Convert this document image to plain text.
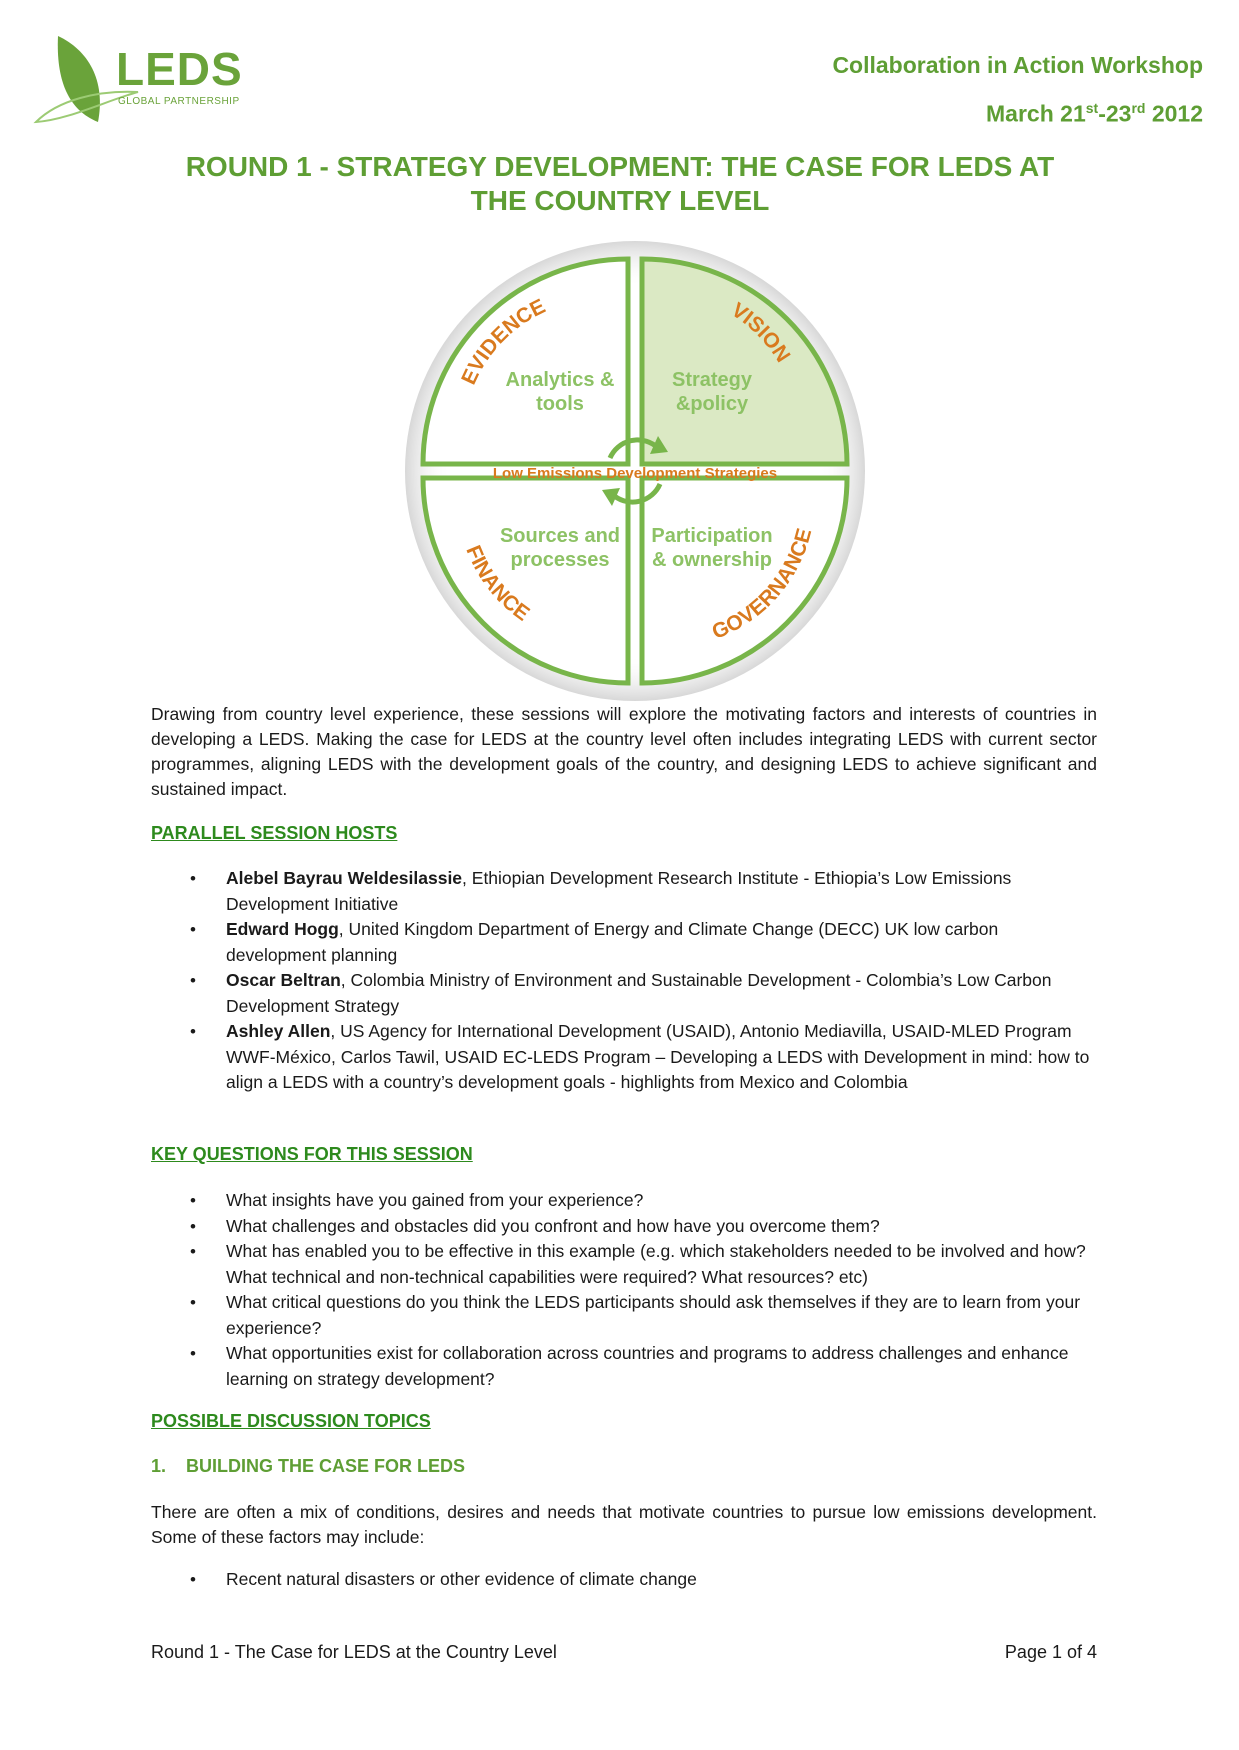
LEDS
GLOBAL PARTNERSHIP
Collaboration in Action Workshop
March 21st-23rd 2012
ROUND 1 - STRATEGY DEVELOPMENT: THE CASE FOR LEDS AT
THE COUNTRY LEVEL
EVIDENCE	VISION
FINANCE
GOVERNANCE
Analytics &
tools
Strategy
&policy
Sources and
processes
Participation
& ownership
Low Emissions Development Strategies
Drawing from country level experience, these sessions will explore the motivating factors and interests of countries in developing a LEDS. Making the case for LEDS at the country level often includes integrating LEDS with current sector programmes, aligning LEDS with the development goals of the country, and designing LEDS to achieve significant and sustained impact.
PARALLEL SESSION HOSTS
• Alebel Bayrau Weldesilassie, Ethiopian Development Research Institute - Ethiopia’s Low Emissions Development Initiative
• Edward Hogg, United Kingdom Department of Energy and Climate Change (DECC) UK low carbon development planning
• Oscar Beltran, Colombia Ministry of Environment and Sustainable Development - Colombia’s Low Carbon Development Strategy
• Ashley Allen, US Agency for International Development (USAID), Antonio Mediavilla, USAID-MLED Program WWF-México, Carlos Tawil, USAID EC-LEDS Program – Developing a LEDS with Development in mind: how to align a LEDS with a country’s development goals - highlights from Mexico and Colombia
KEY QUESTIONS FOR THIS SESSION
• What insights have you gained from your experience?
• What challenges and obstacles did you confront and how have you overcome them?
• What has enabled you to be effective in this example (e.g. which stakeholders needed to be involved and how? What technical and non-technical capabilities were required? What resources? etc)
• What critical questions do you think the LEDS participants should ask themselves if they are to learn from your experience?
• What opportunities exist for collaboration across countries and programs to address challenges and enhance learning on strategy development?
POSSIBLE DISCUSSION TOPICS
1. BUILDING THE CASE FOR LEDS
There are often a mix of conditions, desires and needs that motivate countries to pursue low emissions development. Some of these factors may include:
• Recent natural disasters or other evidence of climate change
Round 1 - The Case for LEDS at the Country Level	Page 1 of 4
